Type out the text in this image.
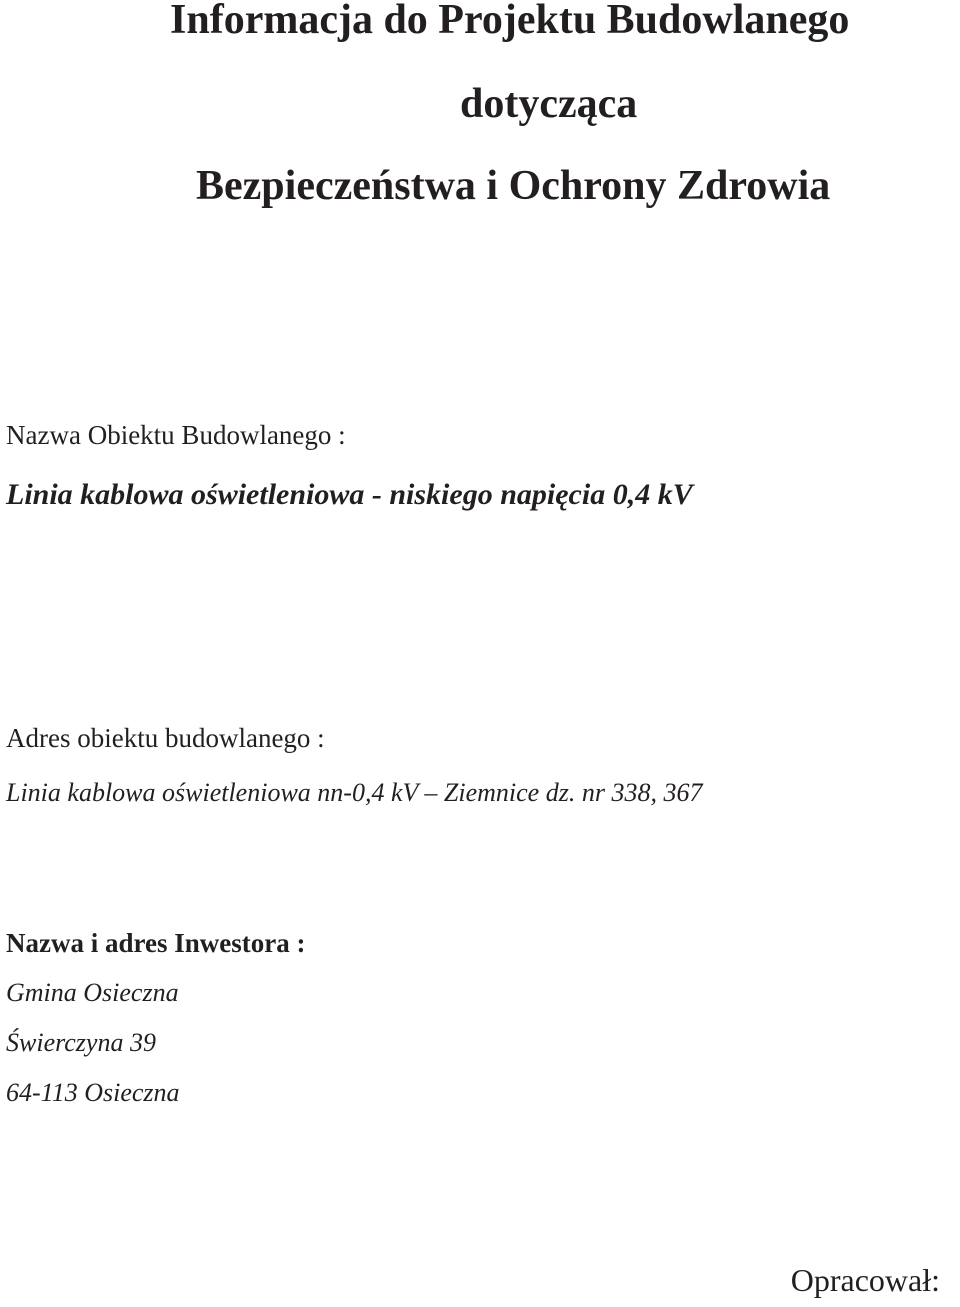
Informacja do Projektu Budowlanego
dotycząca
Bezpieczeństwa i Ochrony Zdrowia
Nazwa Obiektu Budowlanego :
Linia kablowa oświetleniowa - niskiego napięcia 0,4 kV
Adres obiektu budowlanego :
Linia kablowa oświetleniowa nn-0,4 kV – Ziemnice dz. nr 338, 367
Nazwa i adres Inwestora :
Gmina Osieczna
Świerczyna 39
64-113 Osieczna
Opracował:
